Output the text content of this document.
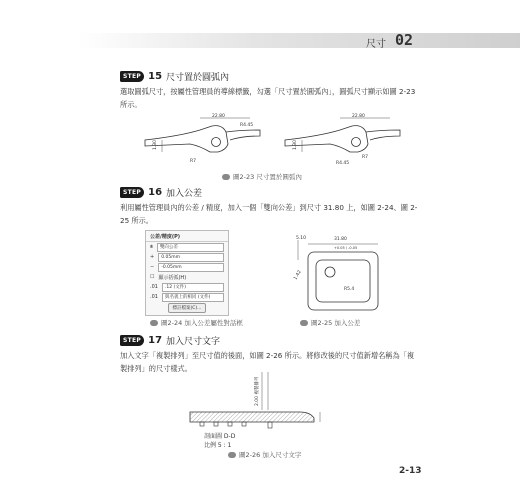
尺寸 02
STEP 15 尺寸置於圓弧內
選取圓弧尺寸，按屬性管理員的導線標籤，勾選「尺寸置於圓弧內」，圓弧尺寸顯示如圖 2-23 所示。
22.80
R4.45
1.30
R7
22.80
R4.45
1.30
R7
圖2-23 尺寸置於圓弧內
STEP 16 加入公差
利用屬性管理員內的公差 / 精度，加入一個「雙向公差」到尺寸 31.80 上，如圖 2-24、圖 2-25 所示。
公差/精度(P)
⩲	雙向公差
+	0.05mm
−	-0.05mm
☐ 顯示括弧(H)
.01	.12 (文件)
.01	與名義上的相同 (文件)
標註檔案(C)...
圖2-24 加入公差屬性對話框
5.10	31.80
+0.05 / -0.05
1.42
R5.4
圖2-25 加入公差
STEP 17 加入尺寸文字
加入文字「複製排列」至尺寸值的後面，如圖 2-26 所示。將修改後的尺寸值新增名稱為「複製排列」的尺寸樣式。
2.00 複製排列
剖面圖 D-D
比例 5 : 1
圖2-26 加入尺寸文字
2-13
